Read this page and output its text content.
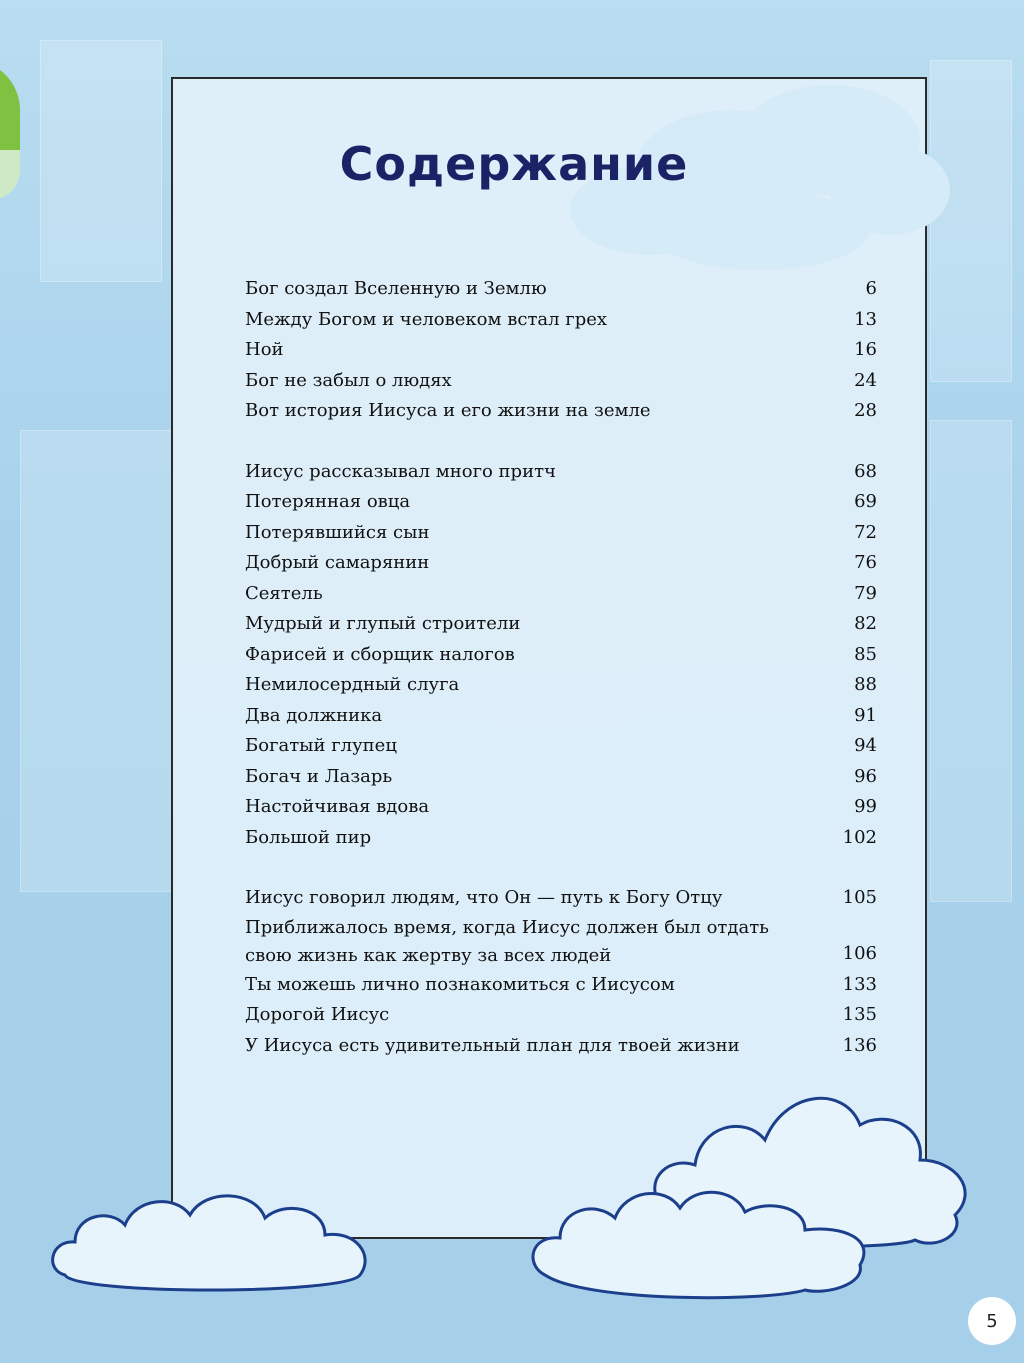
Содержание
Бог создал Вселенную и Землю	6
Между Богом и человеком встал грех	13
Ной	16
Бог не забыл о людях	24
Вот история Иисуса и его жизни на земле	28
Иисус рассказывал много притч	68
Потерянная овца	69
Потерявшийся сын	72
Добрый самарянин	76
Сеятель	79
Мудрый и глупый строители	82
Фарисей и сборщик налогов	85
Немилосердный слуга	88
Два должника	91
Богатый глупец	94
Богач и Лазарь	96
Настойчивая вдова	99
Большой пир	102
Иисус говорил людям, что Он — путь к Богу Отцу	105
Приближалось время, когда Иисус должен был отдать свою жизнь как жертву за всех людей	106
Ты можешь лично познакомиться с Иисусом	133
Дорогой Иисус	135
У Иисуса есть удивительный план для твоей жизни	136
5
